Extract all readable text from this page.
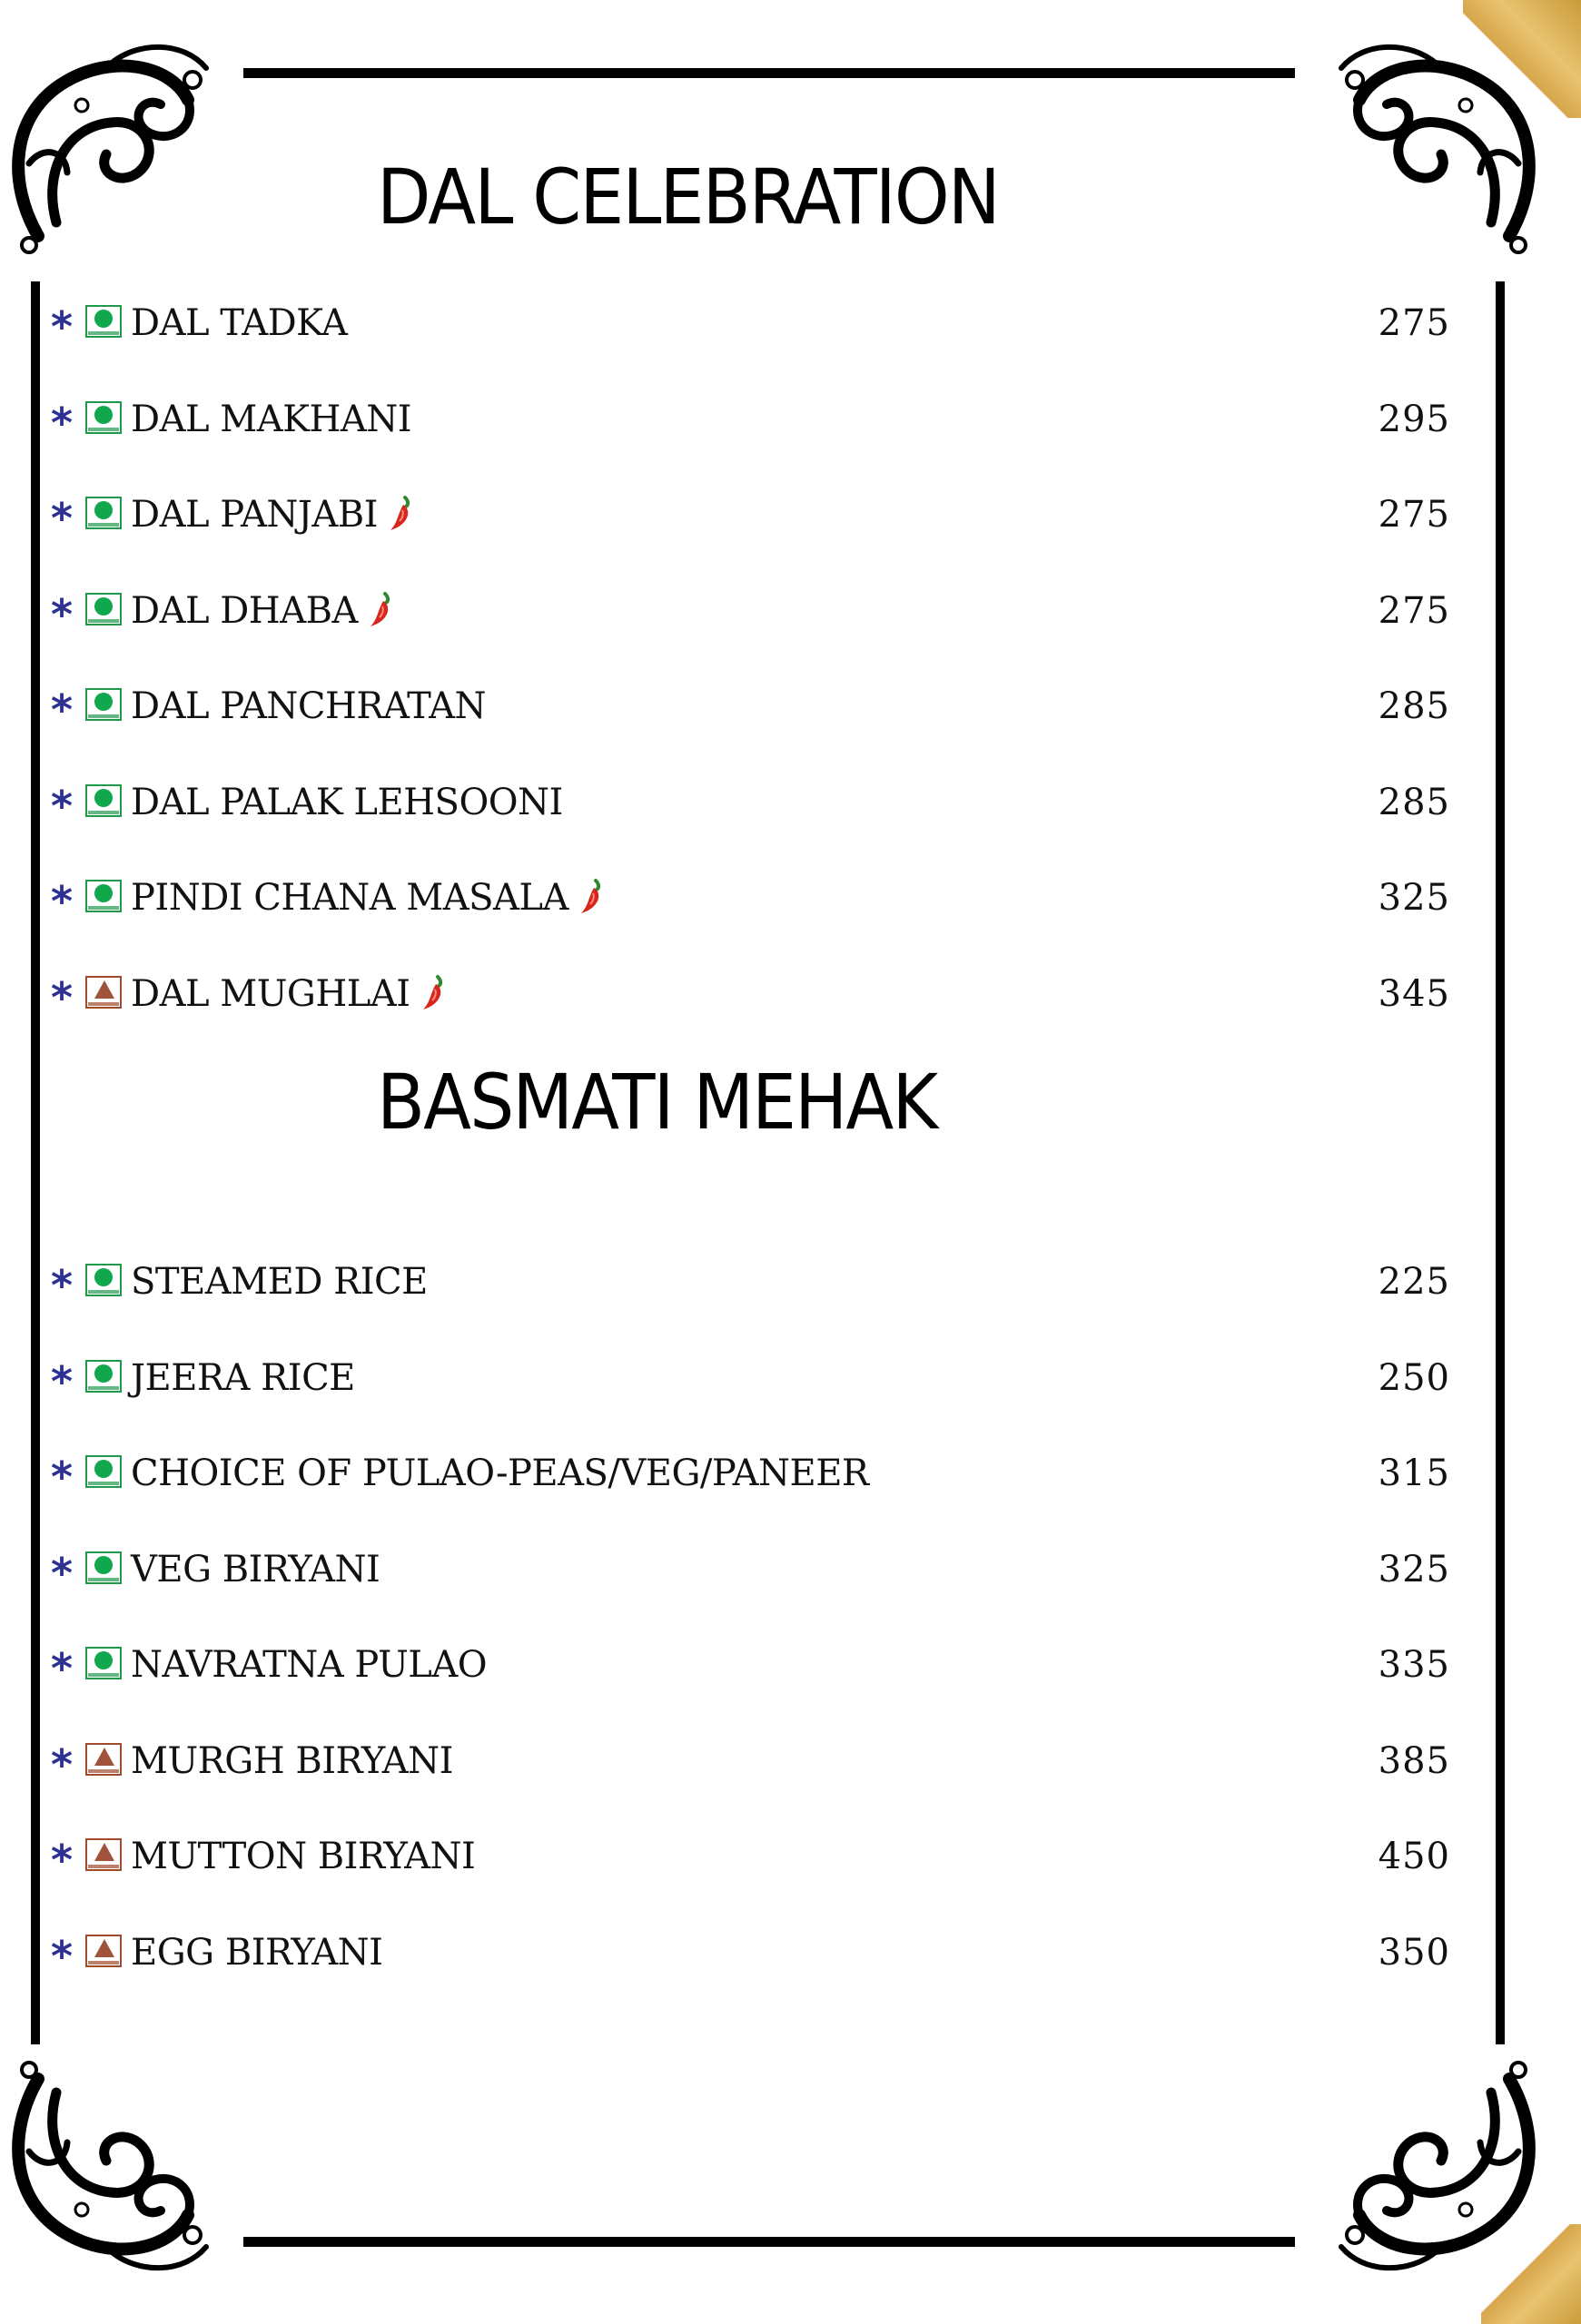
DAL CELEBRATION
BASMATI MEHAK
* DAL TADKA	275
* DAL MAKHANI	295
* DAL PANJABI	275
* DAL DHABA	275
* DAL PANCHRATAN	285
* DAL PALAK LEHSOONI	285
* PINDI CHANA MASALA	325
* DAL MUGHLAI	345
* STEAMED RICE	225
* JEERA RICE	250
* CHOICE OF PULAO-PEAS/VEG/PANEER	315
* VEG BIRYANI	325
* NAVRATNA PULAO	335
* MURGH BIRYANI	385
* MUTTON BIRYANI	450
* EGG BIRYANI	350
